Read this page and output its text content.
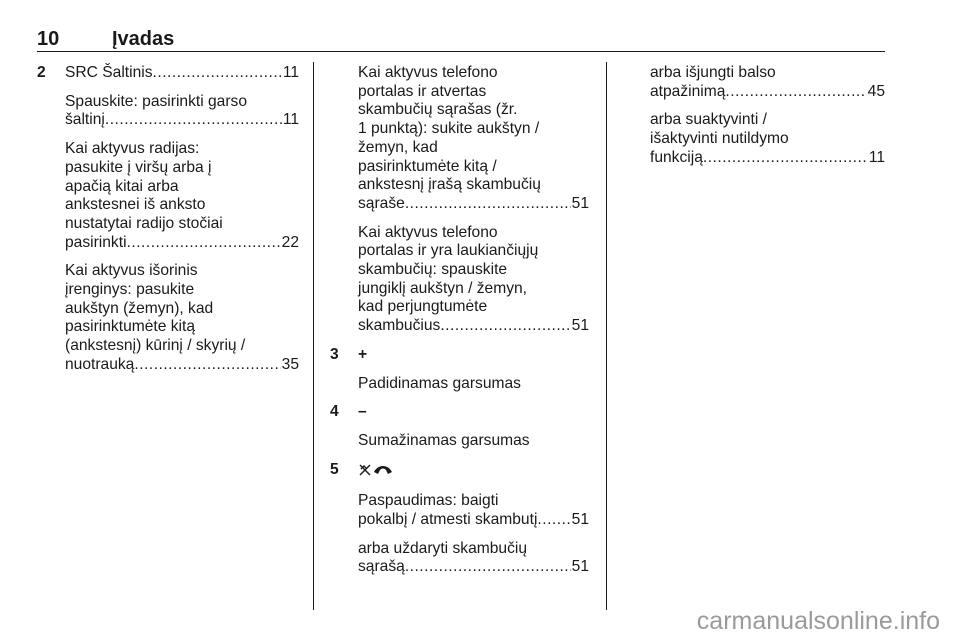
10	Įvadas
2 SRC Šaltinis .....	11
Spauskite: pasirinkti garso
šaltinį .....	11
Kai aktyvus radijas:
pasukite į viršų arba į
apačią kitai arba
ankstesnei iš anksto
nustatytai radijo stočiai
pasirinkti .....	22
Kai aktyvus išorinis
įrenginys: pasukite
aukštyn (žemyn), kad
pasirinktumėte kitą
(ankstesnį) kūrinį / skyrių /
nuotrauką .....	35
Kai aktyvus telefono
portalas ir atvertas
skambučių sąrašas (žr.
1 punktą): sukite aukštyn /
žemyn, kad
pasirinktumėte kitą /
ankstesnį įrašą skambučių
sąraše .....	51
Kai aktyvus telefono
portalas ir yra laukiančiųjų
skambučių: spauskite
jungiklį aukštyn / žemyn,
kad perjungtumėte
skambučius .....	51
3 +
Padidinamas garsumas
4 –
Sumažinamas garsumas
5
Paspaudimas: baigti
pokalbį / atmesti skambutį ..... 51
arba uždaryti skambučių
sąrašą .....	51
arba išjungti balso
atpažinimą .....	45
arba suaktyvinti /
išaktyvinti nutildymo
funkciją .....	11
carmanualsonline.info
